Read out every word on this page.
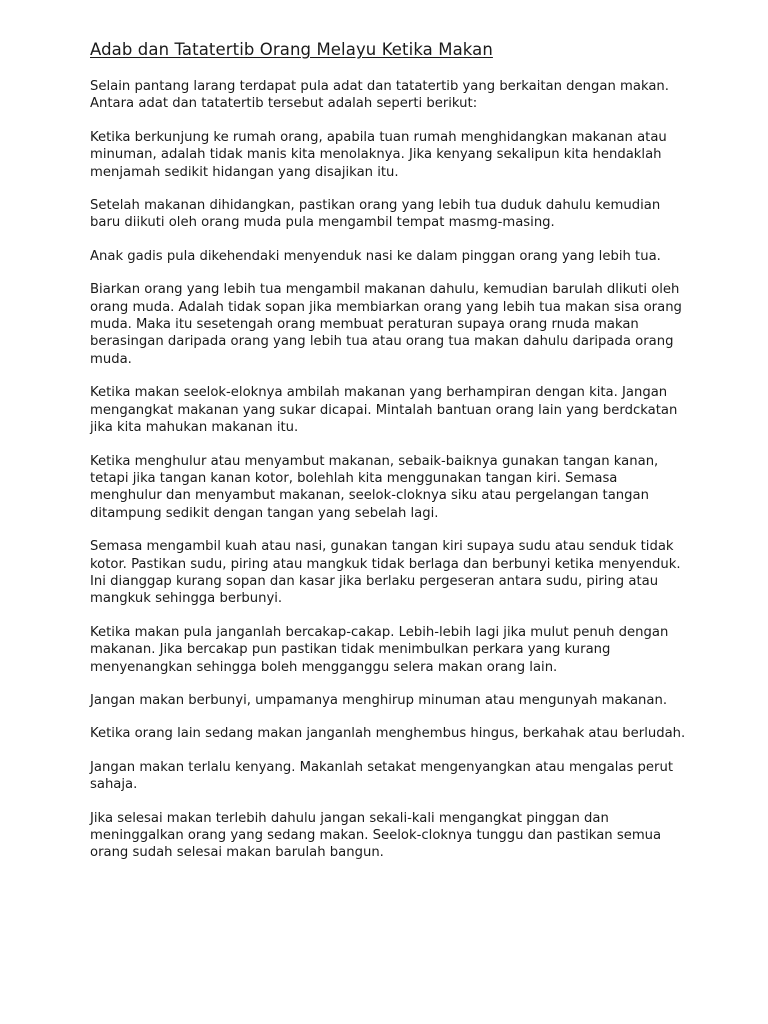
Adab dan Tatatertib Orang Melayu Ketika Makan

Selain pantang larang terdapat pula adat dan tatatertib yang berkaitan dengan makan. Antara adat dan tatatertib tersebut adalah seperti berikut:

Ketika berkunjung ke rumah orang, apabila tuan rumah menghidangkan makanan atau minuman, adalah tidak manis kita menolaknya. Jika kenyang sekalipun kita hendaklah menjamah sedikit hidangan yang disajikan itu.

Setelah makanan dihidangkan, pastikan orang yang lebih tua duduk dahulu kemudian baru diikuti oleh orang muda pula mengambil tempat masmg-masing.

Anak gadis pula dikehendaki menyenduk nasi ke dalam pinggan orang yang lebih tua.

Biarkan orang yang lebih tua mengambil makanan dahulu, kemudian barulah dlikuti oleh orang muda. Adalah tidak sopan jika membiarkan orang yang lebih tua makan sisa orang muda. Maka itu sesetengah orang membuat peraturan supaya orang rnuda makan berasingan daripada orang yang lebih tua atau orang tua makan dahulu daripada orang muda.

Ketika makan seelok-eloknya ambilah makanan yang berhampiran dengan kita. Jangan mengangkat makanan yang sukar dicapai. Mintalah bantuan orang lain yang berdckatan jika kita mahukan makanan itu.

Ketika menghulur atau menyambut makanan, sebaik-baiknya gunakan tangan kanan, tetapi jika tangan kanan kotor, bolehlah kita menggunakan tangan kiri. Semasa menghulur dan menyambut makanan, seelok-cloknya siku atau pergelangan tangan ditampung sedikit dengan tangan yang sebelah lagi.

Semasa mengambil kuah atau nasi, gunakan tangan kiri supaya sudu atau senduk tidak kotor. Pastikan sudu, piring atau mangkuk tidak berlaga dan berbunyi ketika menyenduk. Ini dianggap kurang sopan dan kasar jika berlaku pergeseran antara sudu, piring atau mangkuk sehingga berbunyi.

Ketika makan pula janganlah bercakap-cakap. Lebih-lebih lagi jika mulut penuh dengan makanan. Jika bercakap pun pastikan tidak menimbulkan perkara yang kurang menyenangkan sehingga boleh mengganggu selera makan orang lain.

Jangan makan berbunyi, umpamanya menghirup minuman atau mengunyah makanan.

Ketika orang lain sedang makan janganlah menghembus hingus, berkahak atau berludah.

Jangan makan terlalu kenyang. Makanlah setakat mengenyangkan atau mengalas perut sahaja.

Jika selesai makan terlebih dahulu jangan sekali-kali mengangkat pinggan dan meninggalkan orang yang sedang makan. Seelok-cloknya tunggu dan pastikan semua orang sudah selesai makan barulah bangun.
